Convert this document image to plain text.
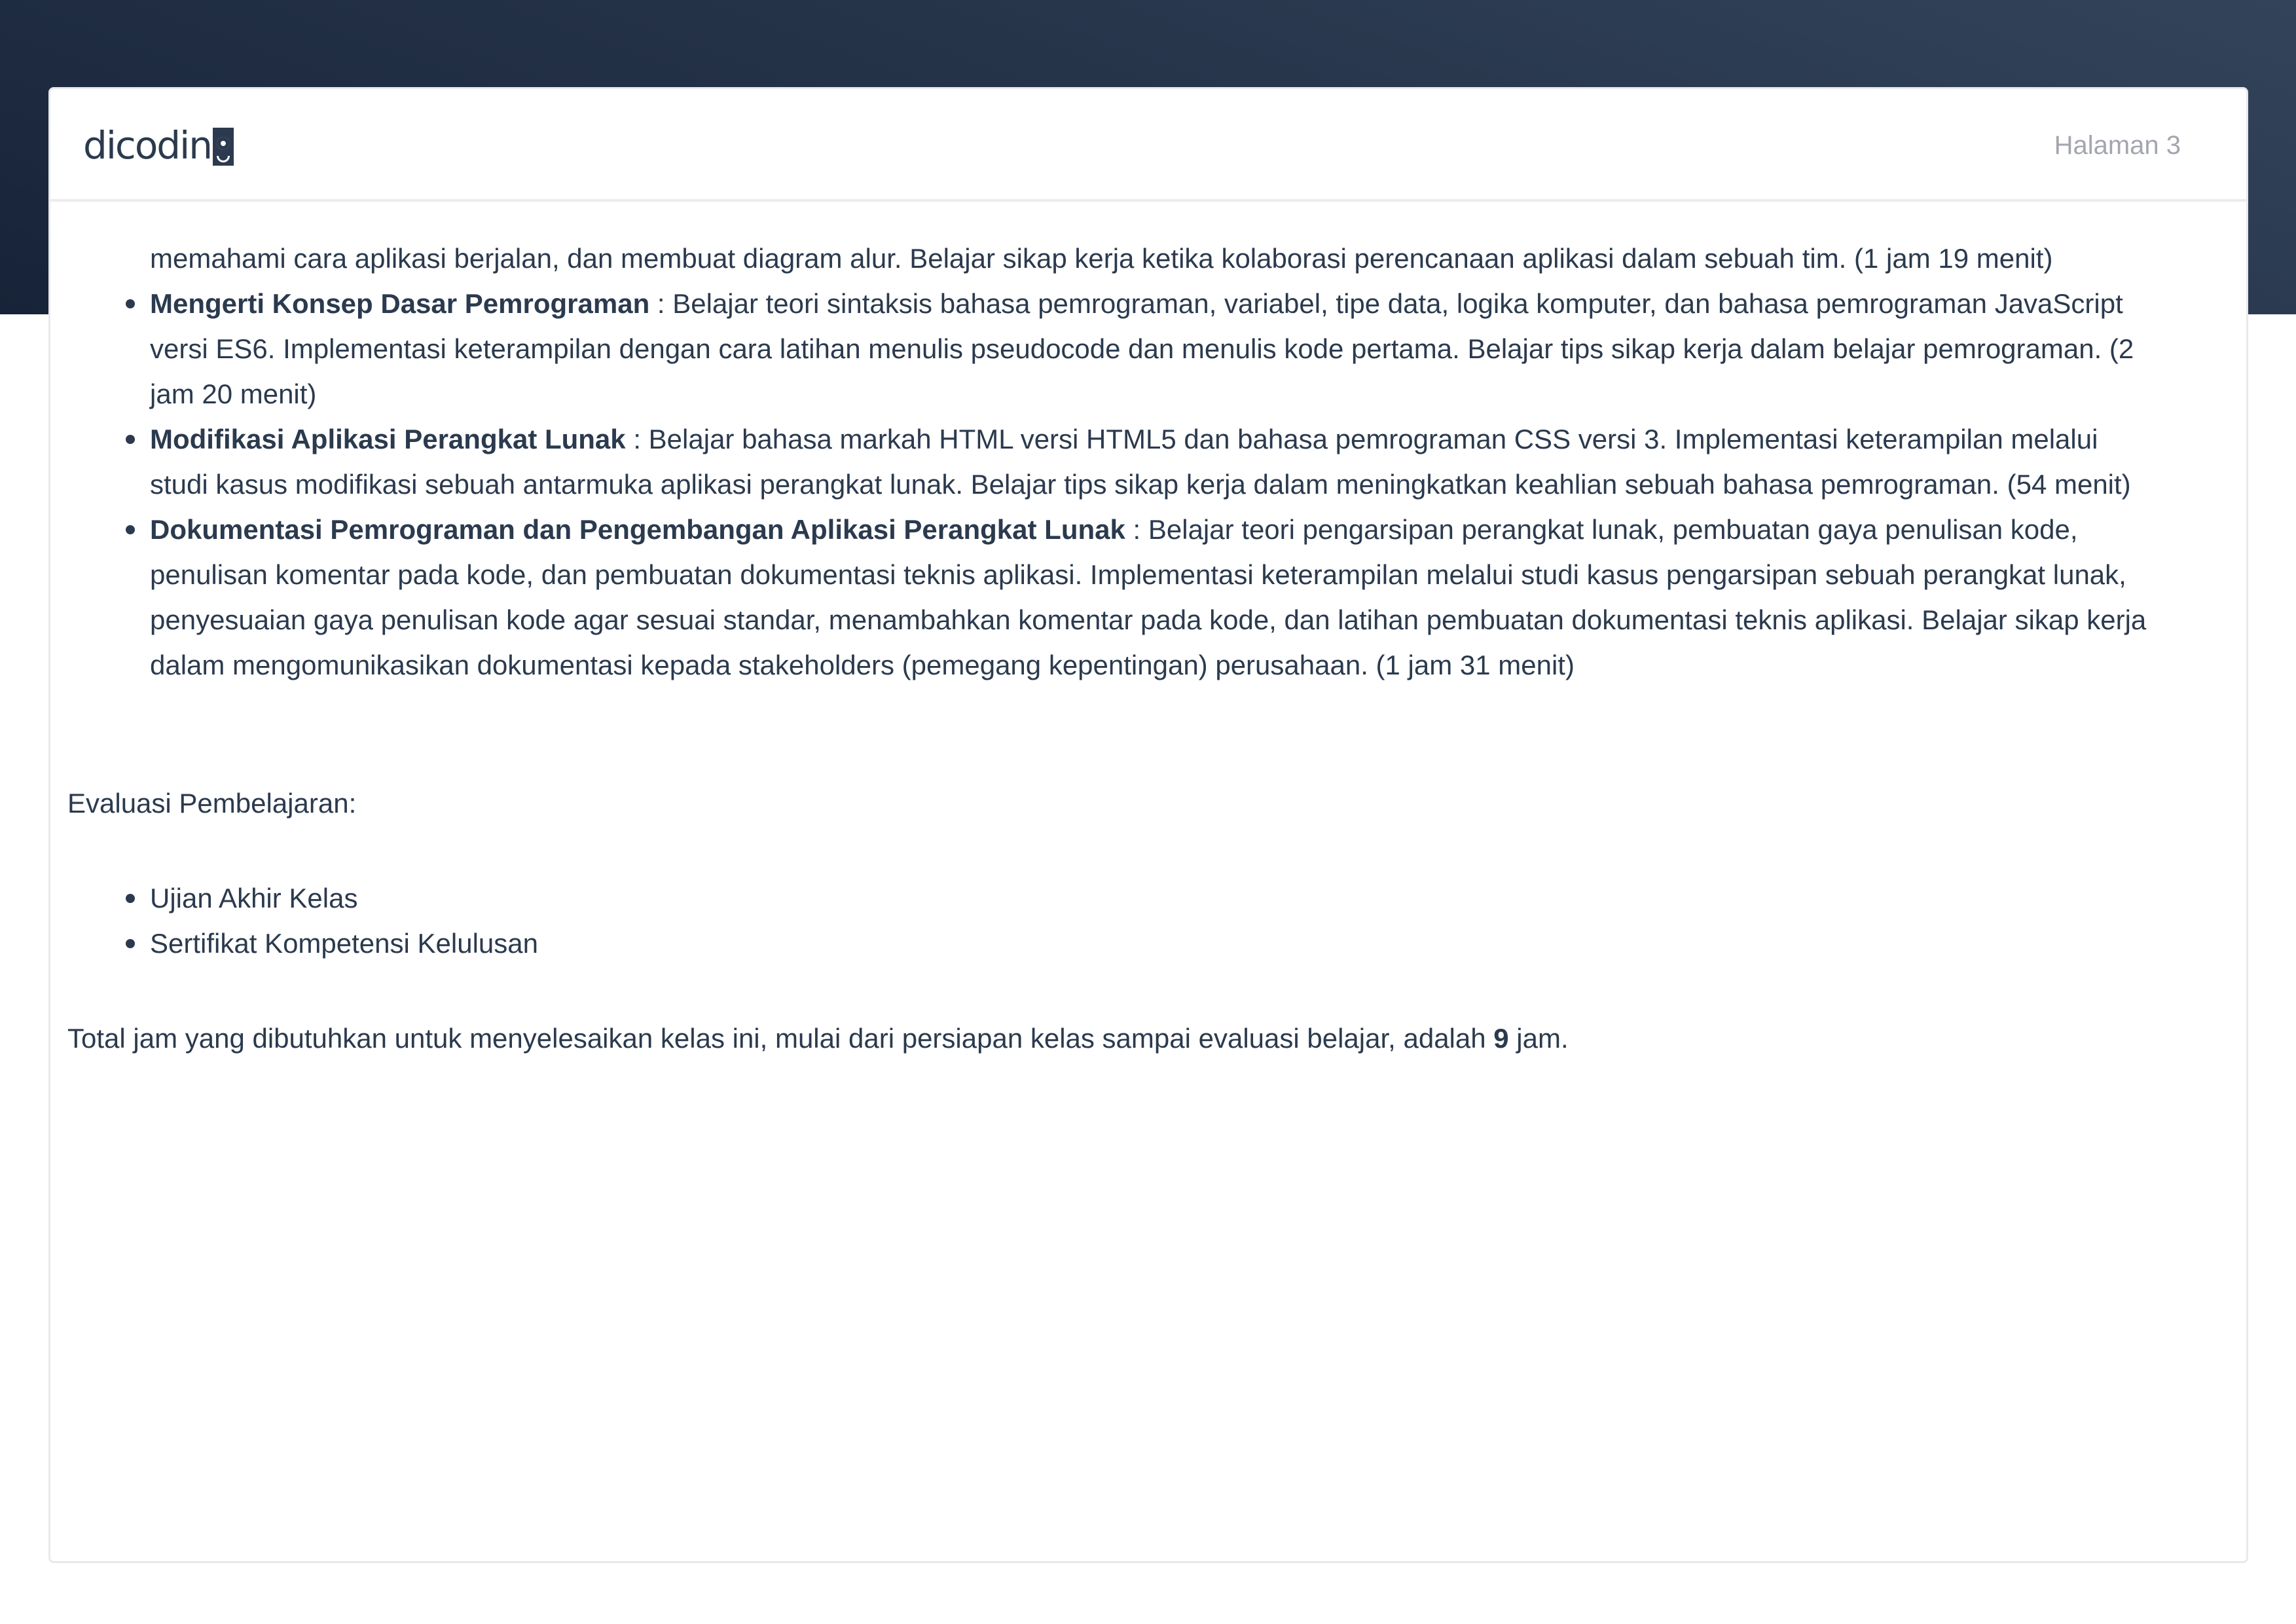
dicodin	Halaman 3
memahami cara aplikasi berjalan, dan membuat diagram alur. Belajar sikap kerja ketika kolaborasi perencanaan aplikasi dalam sebuah tim. (1 jam 19 menit)
Mengerti Konsep Dasar Pemrograman : Belajar teori sintaksis bahasa pemrograman, variabel, tipe data, logika komputer, dan bahasa pemrograman JavaScript versi ES6. Implementasi keterampilan dengan cara latihan menulis pseudocode dan menulis kode pertama. Belajar tips sikap kerja dalam belajar pemrograman. (2 jam 20 menit)
Modifikasi Aplikasi Perangkat Lunak : Belajar bahasa markah HTML versi HTML5 dan bahasa pemrograman CSS versi 3. Implementasi keterampilan melalui studi kasus modifikasi sebuah antarmuka aplikasi perangkat lunak. Belajar tips sikap kerja dalam meningkatkan keahlian sebuah bahasa pemrograman. (54 menit)
Dokumentasi Pemrograman dan Pengembangan Aplikasi Perangkat Lunak : Belajar teori pengarsipan perangkat lunak, pembuatan gaya penulisan kode, penulisan komentar pada kode, dan pembuatan dokumentasi teknis aplikasi. Implementasi keterampilan melalui studi kasus pengarsipan sebuah perangkat lunak, penyesuaian gaya penulisan kode agar sesuai standar, menambahkan komentar pada kode, dan latihan pembuatan dokumentasi teknis aplikasi. Belajar sikap kerja dalam mengomunikasikan dokumentasi kepada stakeholders (pemegang kepentingan) perusahaan. (1 jam 31 menit)

Evaluasi Pembelajaran:

Ujian Akhir Kelas
Sertifikat Kompetensi Kelulusan

Total jam yang dibutuhkan untuk menyelesaikan kelas ini, mulai dari persiapan kelas sampai evaluasi belajar, adalah 9 jam.
